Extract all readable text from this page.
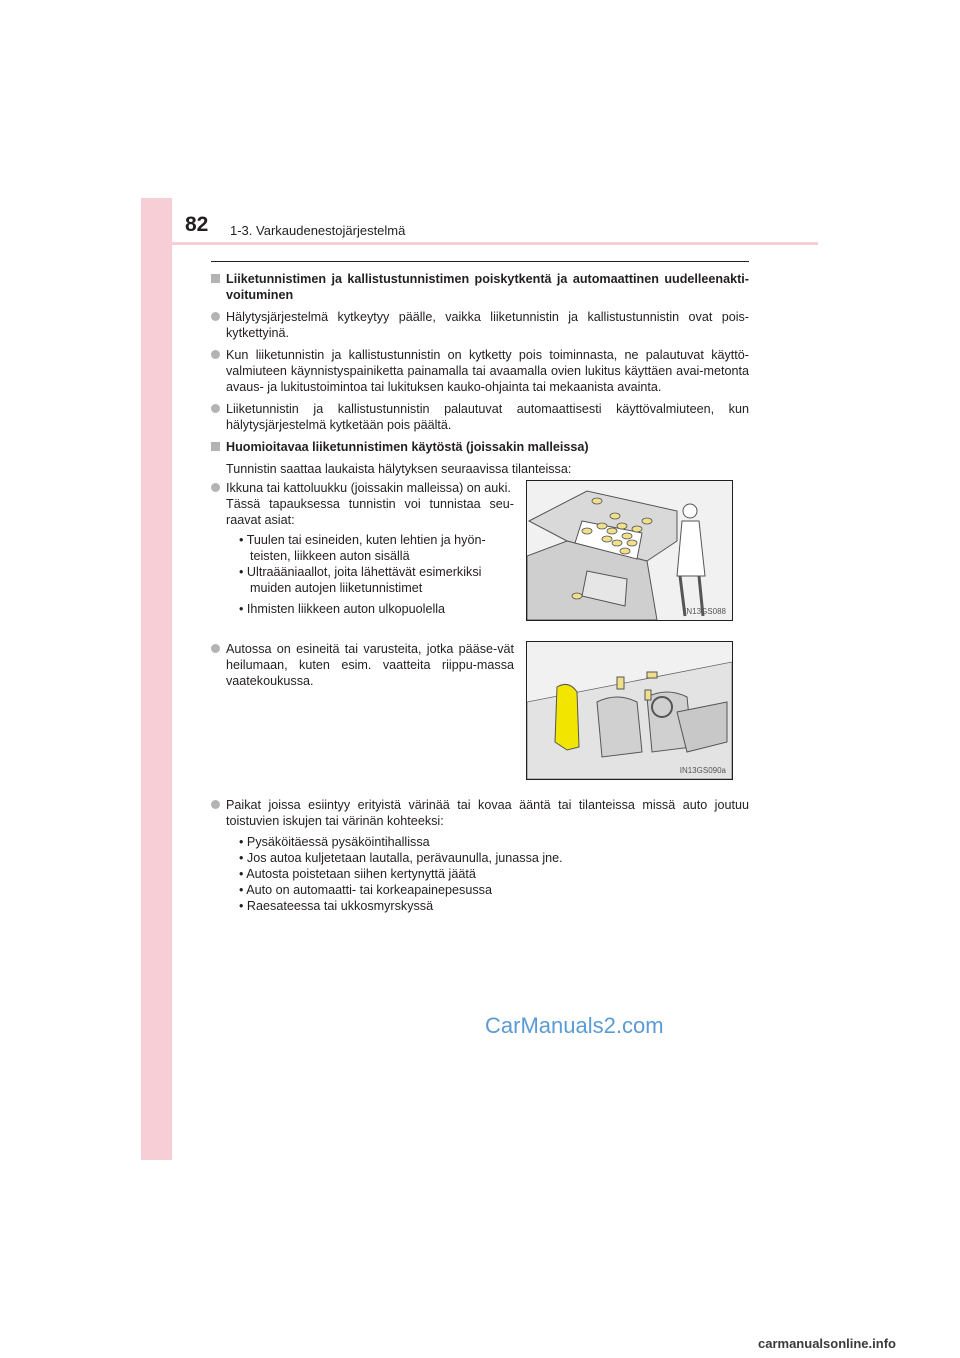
82 1-3. Varkaudenestojärjestelmä
Liiketunnistimen ja kallistustunnistimen poiskytkentä ja automaattinen uudelleenakti-voituminen
Hälytysjärjestelmä kytkeytyy päälle, vaikka liiketunnistin ja kallistustunnistin ovat pois-kytkettyinä.
Kun liiketunnistin ja kallistustunnistin on kytketty pois toiminnasta, ne palautuvat käyttö-valmiuteen käynnistyspainiketta painamalla tai avaamalla ovien lukitus käyttäen avai-metonta avaus- ja lukitustoimintoa tai lukituksen kauko-ohjainta tai mekaanista avainta.
Liiketunnistin ja kallistustunnistin palautuvat automaattisesti käyttövalmiuteen, kun hälytysjärjestelmä kytketään pois päältä.
Huomioitavaa liiketunnistimen käytöstä (joissakin malleissa)
Tunnistin saattaa laukaista hälytyksen seuraavissa tilanteissa:
Ikkuna tai kattoluukku (joissakin malleissa) on auki.
Tässä tapauksessa tunnistin voi tunnistaa seu-raavat asiat:

• Tuulen tai esineiden, kuten lehtien ja hyön-teisten, liikkeen auton sisällä

• Ultraääniaallot, joita lähettävät esimerkiksi muiden autojen liiketunnistimet

• Ihmisten liikkeen auton ulkopuolella	IN13GS088
Autossa on esineitä tai varusteita, jotka pääse-vät heilumaan, kuten esim. vaatteita riippu-massa vaatekoukussa.
IN13GS090a
Paikat joissa esiintyy erityistä värinää tai kovaa ääntä tai tilanteissa missä auto joutuu toistuvien iskujen tai värinän kohteeksi:

• Pysäköitäessä pysäköintihallissa

• Jos autoa kuljetetaan lautalla, perävaunulla, junassa jne.

• Autosta poistetaan siihen kertynyttä jäätä

• Auto on automaatti- tai korkeapainepesussa

• Raesateessa tai ukkosmyrskyssä

CarManuals2.com
carmanualsonline.info
